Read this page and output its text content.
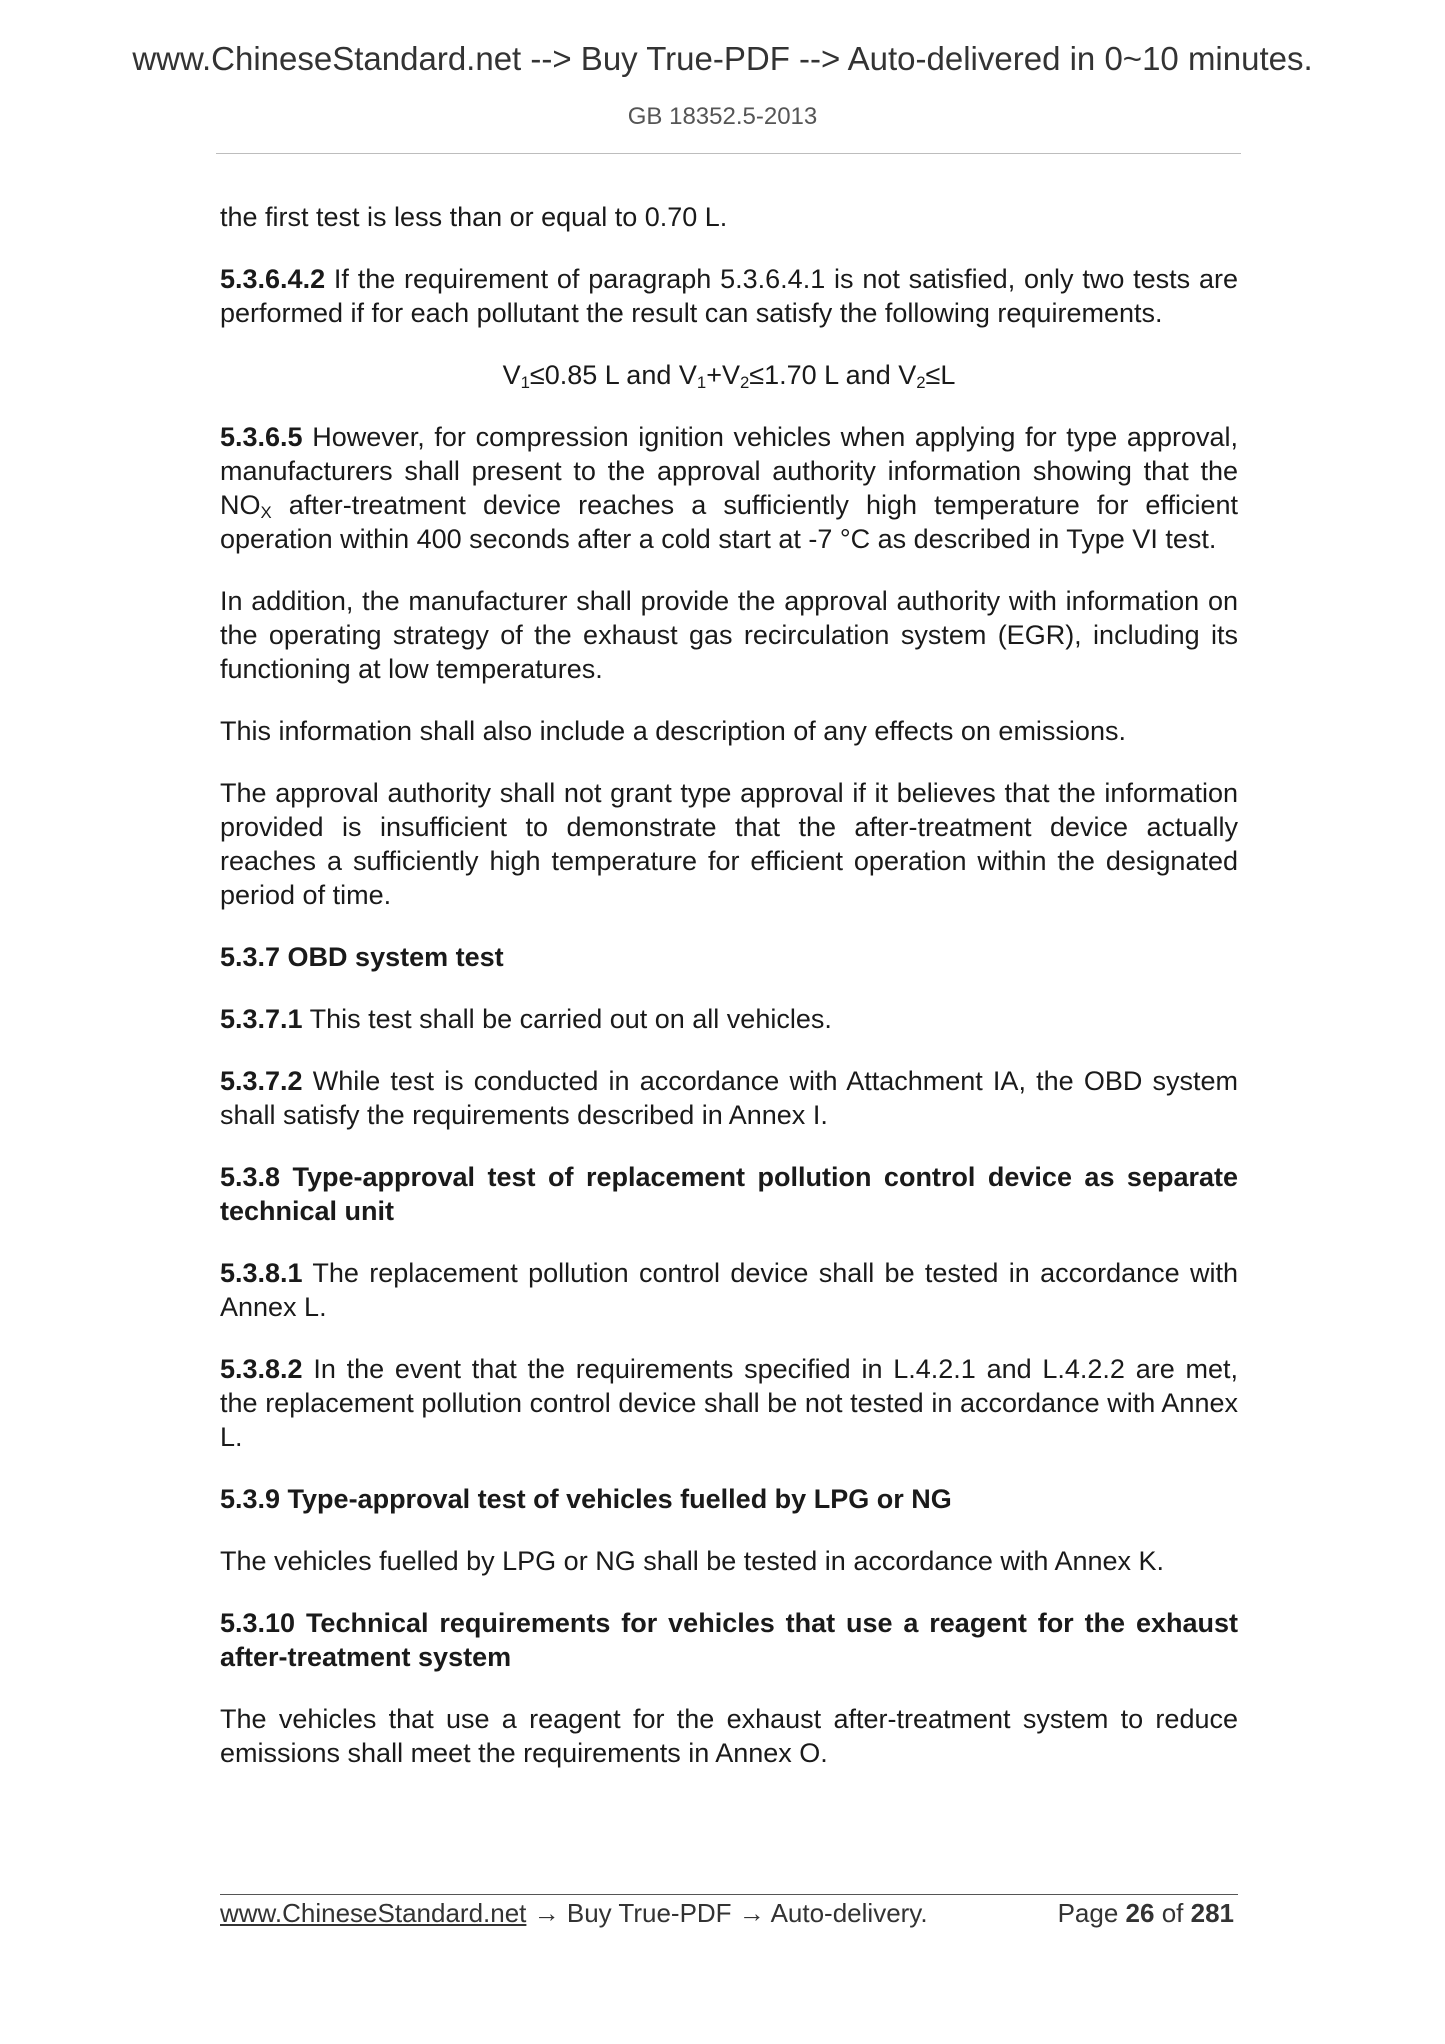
www.ChineseStandard.net --> Buy True-PDF --> Auto-delivered in 0~10 minutes.
GB 18352.5-2013

the first test is less than or equal to 0.70 L.

5.3.6.4.2 If the requirement of paragraph 5.3.6.4.1 is not satisfied, only two tests are performed if for each pollutant the result can satisfy the following requirements.

$V_1\le 0.85$ L and $V_1+V_2\le 1.70$ L and $V_2\le L$

5.3.6.5 However, for compression ignition vehicles when applying for type approval, manufacturers shall present to the approval authority information showing that the $NO_X$ after-treatment device reaches a sufficiently high temperature for efficient operation within 400 seconds after a cold start at -7 °C as described in Type VI test.

In addition, the manufacturer shall provide the approval authority with information on the operating strategy of the exhaust gas recirculation system (EGR), including its functioning at low temperatures.

This information shall also include a description of any effects on emissions.

The approval authority shall not grant type approval if it believes that the information provided is insufficient to demonstrate that the after-treatment device actually reaches a sufficiently high temperature for efficient operation within the designated period of time.

5.3.7 OBD system test

5.3.7.1 This test shall be carried out on all vehicles.

5.3.7.2 While test is conducted in accordance with Attachment IA, the OBD system shall satisfy the requirements described in Annex I.

5.3.8 Type-approval test of replacement pollution control device as separate technical unit

5.3.8.1 The replacement pollution control device shall be tested in accordance with Annex L.

5.3.8.2 In the event that the requirements specified in L.4.2.1 and L.4.2.2 are met, the replacement pollution control device shall be not tested in accordance with Annex L.

5.3.9 Type-approval test of vehicles fuelled by LPG or NG

The vehicles fuelled by LPG or NG shall be tested in accordance with Annex K.

5.3.10 Technical requirements for vehicles that use a reagent for the exhaust after-treatment system

The vehicles that use a reagent for the exhaust after-treatment system to reduce emissions shall meet the requirements in Annex O.

www.ChineseStandard.net → Buy True-PDF → Auto-delivery.	Page 26 of 281
